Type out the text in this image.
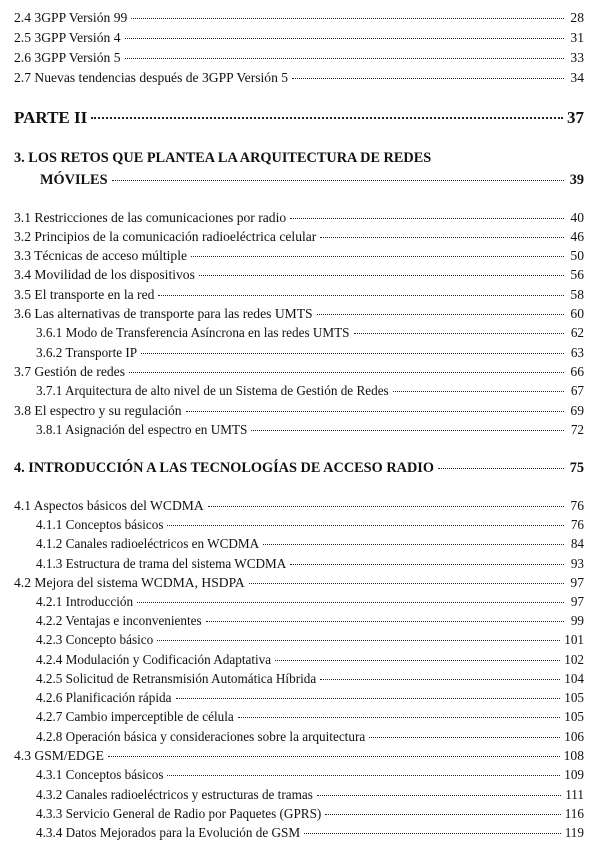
2.4 3GPP Versión 99	28
2.5 3GPP Versión 4	31
2.6 3GPP Versión 5	33
2.7 Nuevas tendencias después de 3GPP Versión 5	34
PARTE II	37
3. LOS RETOS QUE PLANTEA LA ARQUITECTURA DE REDES
MÓVILES	39
3.1 Restricciones de las comunicaciones por radio	40
3.2 Principios de la comunicación radioeléctrica celular	46
3.3 Técnicas de acceso múltiple	50
3.4 Movilidad de los dispositivos	56
3.5 El transporte en la red	58
3.6 Las alternativas de transporte para las redes UMTS	60
3.6.1 Modo de Transferencia Asíncrona en las redes UMTS	62
3.6.2 Transporte IP	63
3.7 Gestión de redes	66
3.7.1 Arquitectura de alto nivel de un Sistema de Gestión de Redes	67
3.8 El espectro y su regulación	69
3.8.1 Asignación del espectro en UMTS	72
4. INTRODUCCIÓN A LAS TECNOLOGÍAS DE ACCESO RADIO	75
4.1 Aspectos básicos del WCDMA	76
4.1.1 Conceptos básicos	76
4.1.2 Canales radioeléctricos en WCDMA	84
4.1.3 Estructura de trama del sistema WCDMA	93
4.2 Mejora del sistema WCDMA, HSDPA	97
4.2.1 Introducción	97
4.2.2 Ventajas e inconvenientes	99
4.2.3 Concepto básico	101
4.2.4 Modulación y Codificación Adaptativa	102
4.2.5 Solicitud de Retransmisión Automática Híbrida	104
4.2.6 Planificación rápida	105
4.2.7 Cambio imperceptible de célula	105
4.2.8 Operación básica y consideraciones sobre la arquitectura	106
4.3 GSM/EDGE	108
4.3.1 Conceptos básicos	109
4.3.2 Canales radioeléctricos y estructuras de tramas	111
4.3.3 Servicio General de Radio por Paquetes (GPRS)	116
4.3.4 Datos Mejorados para la Evolución de GSM	119
